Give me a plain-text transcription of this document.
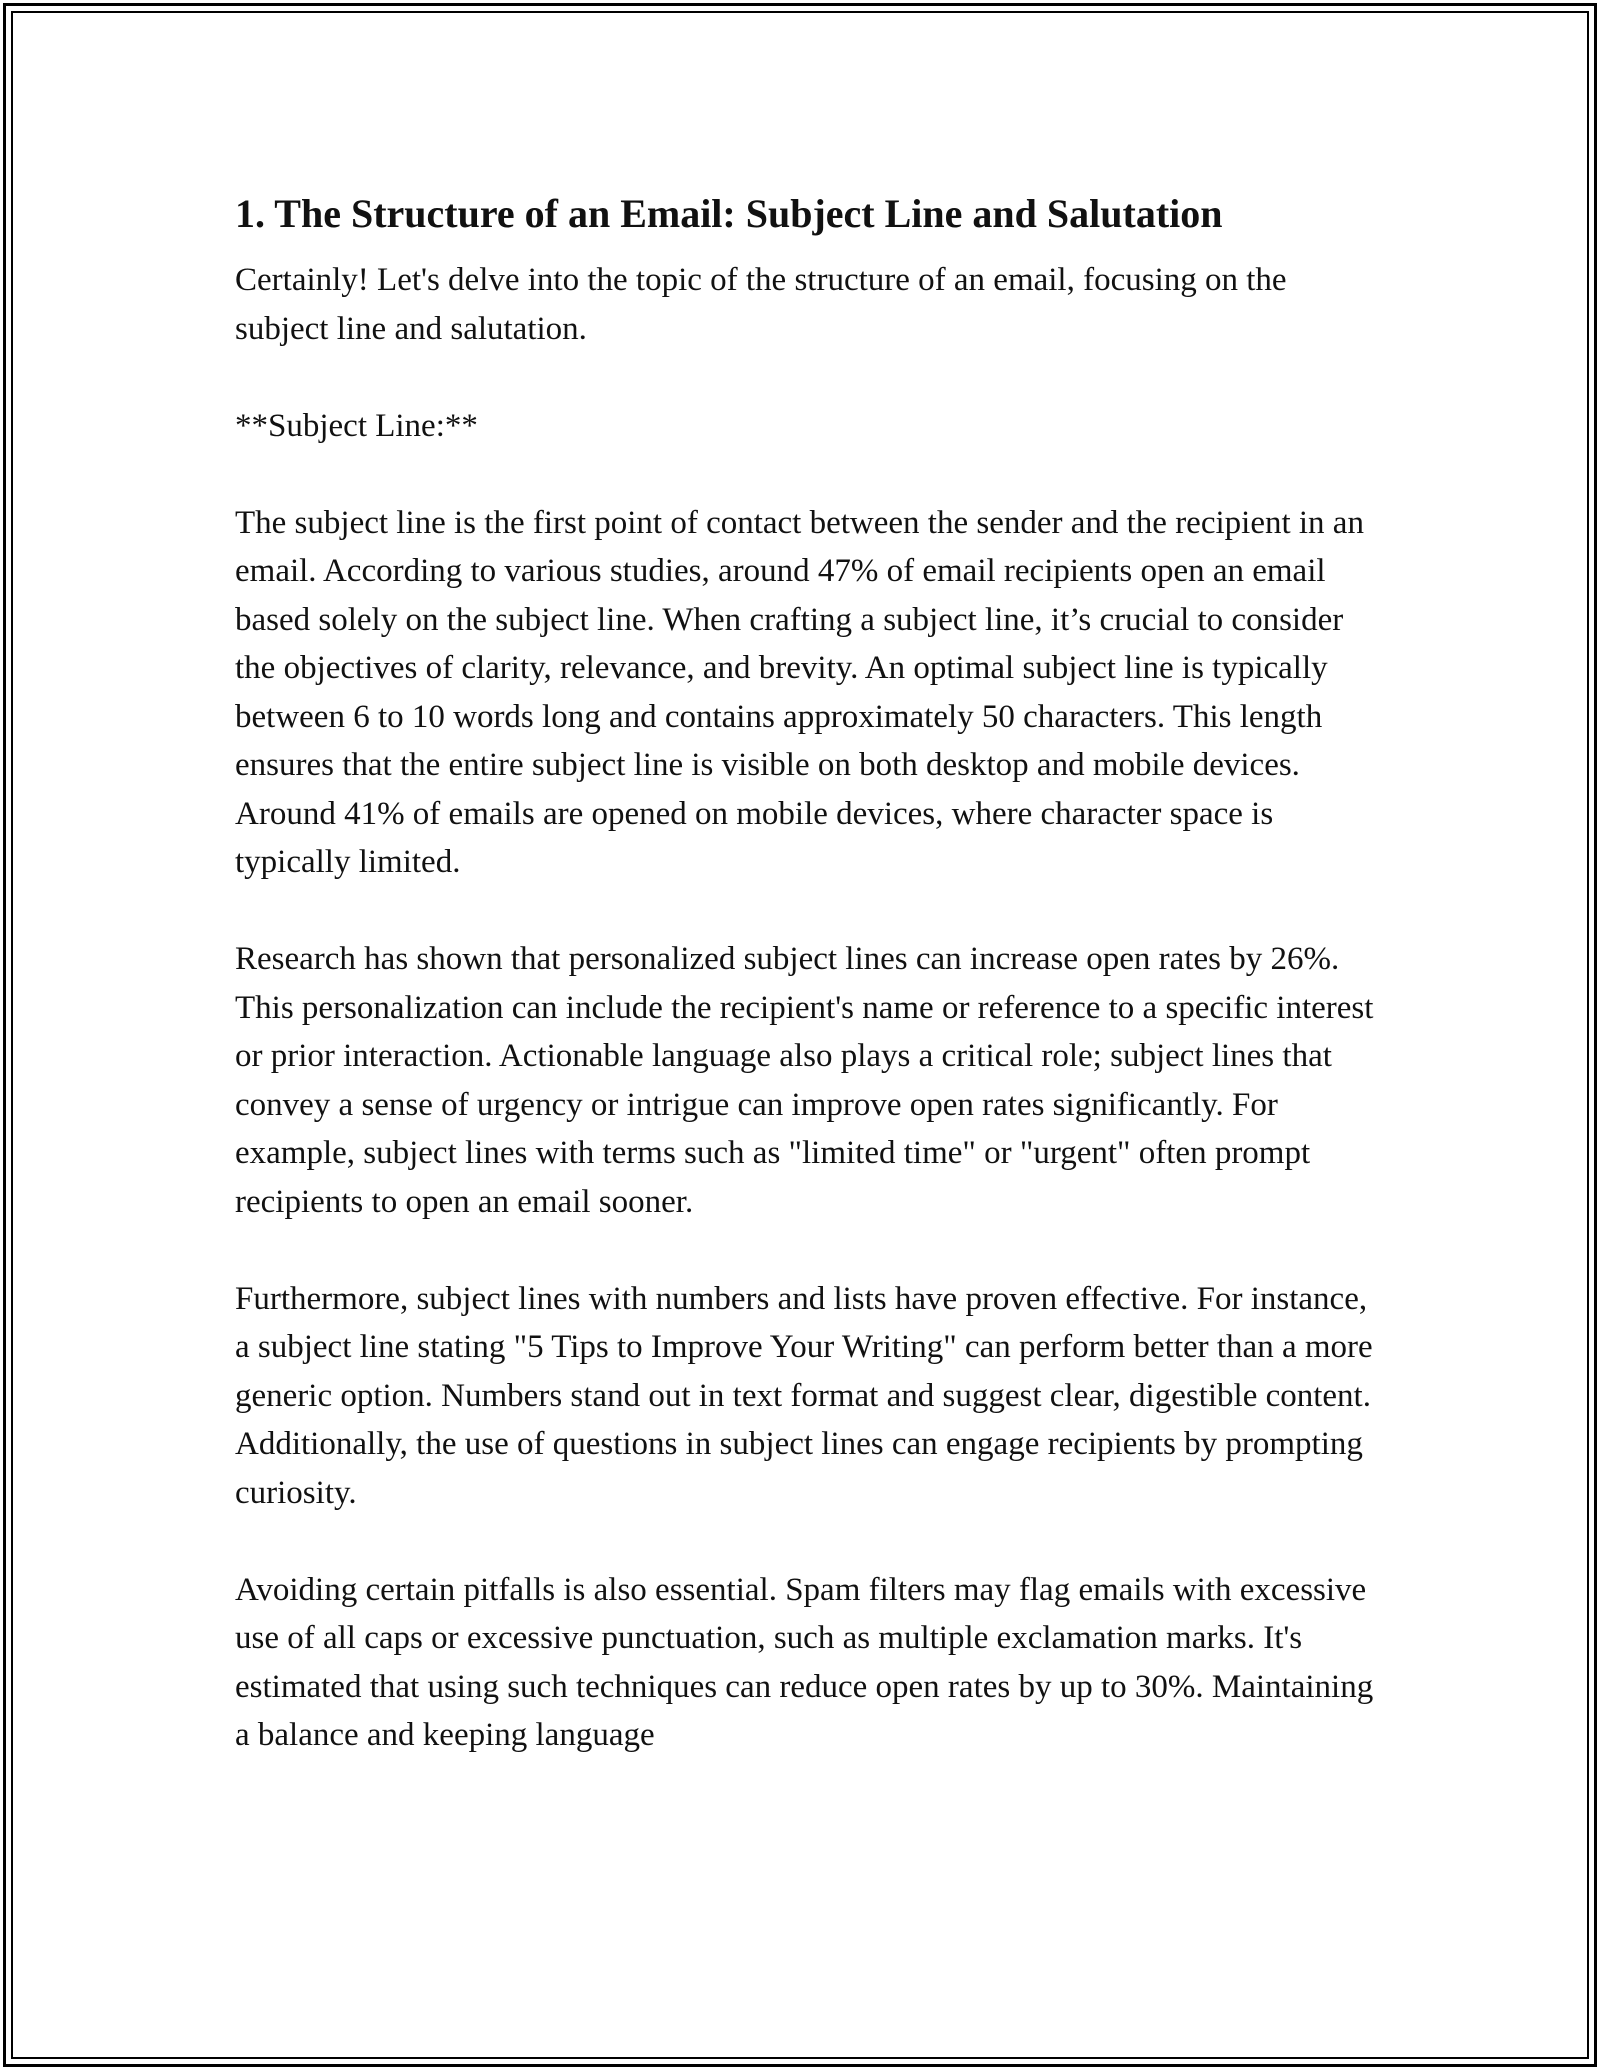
1. The Structure of an Email: Subject Line and Salutation

Certainly! Let's delve into the topic of the structure of an email, focusing on the subject line and salutation.

**Subject Line:**

The subject line is the first point of contact between the sender and the recipient in an email. According to various studies, around 47% of email recipients open an email based solely on the subject line. When crafting a subject line, it’s crucial to consider the objectives of clarity, relevance, and brevity. An optimal subject line is typically between 6 to 10 words long and contains approximately 50 characters. This length ensures that the entire subject line is visible on both desktop and mobile devices. Around 41% of emails are opened on mobile devices, where character space is typically limited.

Research has shown that personalized subject lines can increase open rates by 26%. This personalization can include the recipient's name or reference to a specific interest or prior interaction. Actionable language also plays a critical role; subject lines that convey a sense of urgency or intrigue can improve open rates significantly. For example, subject lines with terms such as "limited time" or "urgent" often prompt recipients to open an email sooner.

Furthermore, subject lines with numbers and lists have proven effective. For instance, a subject line stating "5 Tips to Improve Your Writing" can perform better than a more generic option. Numbers stand out in text format and suggest clear, digestible content. Additionally, the use of questions in subject lines can engage recipients by prompting curiosity.

Avoiding certain pitfalls is also essential. Spam filters may flag emails with excessive use of all caps or excessive punctuation, such as multiple exclamation marks. It's estimated that using such techniques can reduce open rates by up to 30%. Maintaining a balance and keeping language
